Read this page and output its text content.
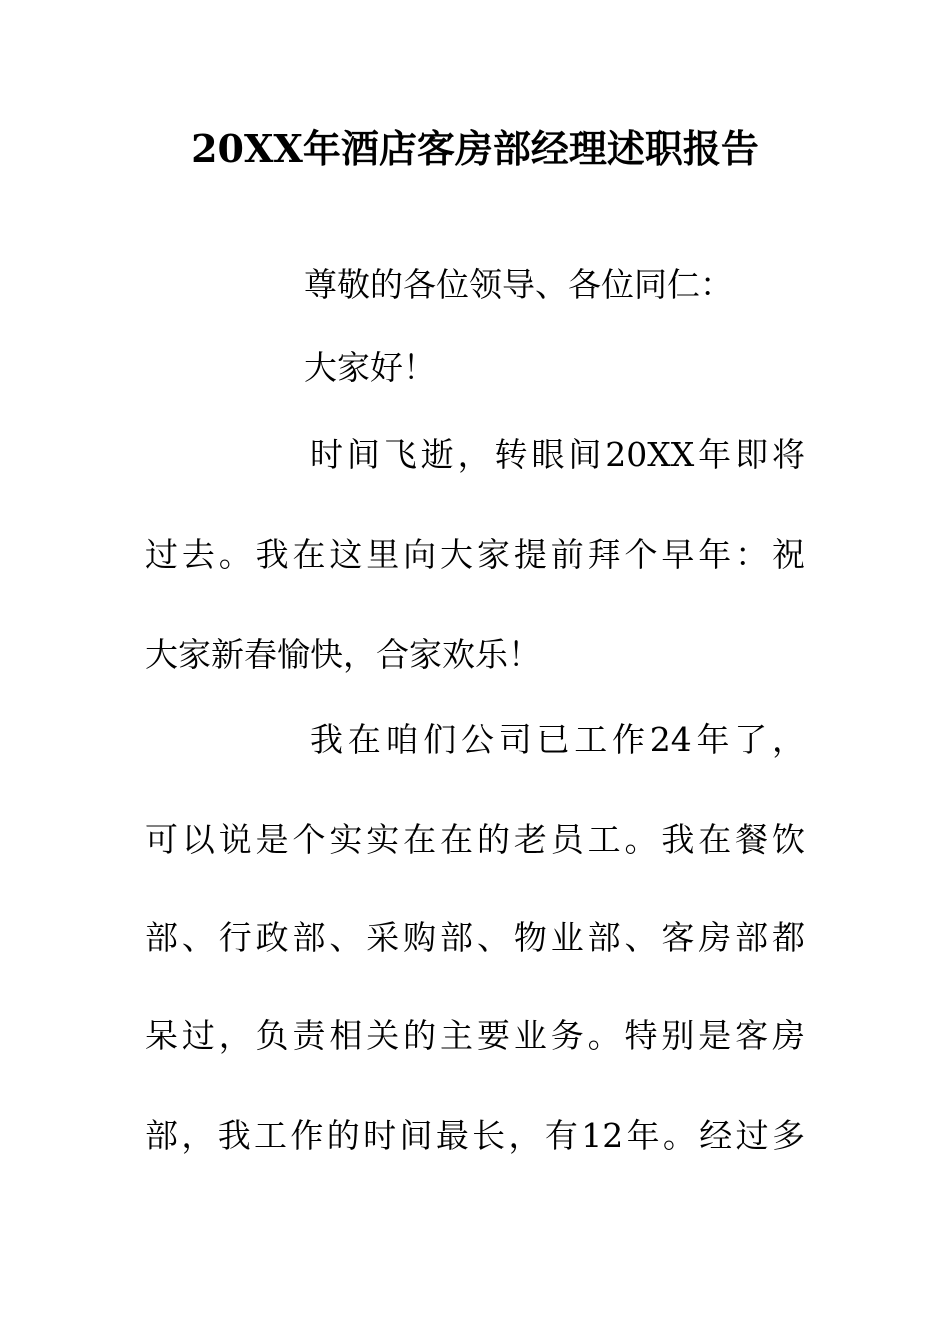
20XX年酒店客房部经理述职报告
尊敬的各位领导、各位同仁：
大家好！
时间飞逝，转眼间20XX年即将
过去。我在这里向大家提前拜个早年：祝
大家新春愉快，合家欢乐！
我在咱们公司已工作24年了，
可以说是个实实在在的老员工。我在餐饮
部、行政部、采购部、物业部、客房部都
呆过，负责相关的主要业务。特别是客房
部，我工作的时间最长，有12年。经过多
